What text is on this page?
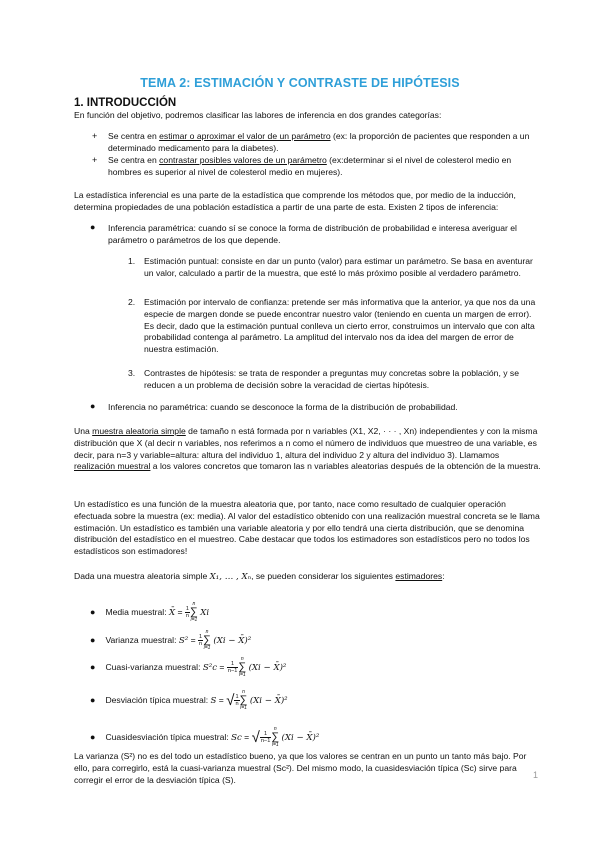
TEMA 2: ESTIMACIÓN Y CONTRASTE DE HIPÓTESIS
1. INTRODUCCIÓN
En función del objetivo, podremos clasificar las labores de inferencia en dos grandes categorías:
+ Se centra en estimar o aproximar el valor de un parámetro (ex: la proporción de pacientes que responden a un determinado medicamento para la diabetes).
+ Se centra en contrastar posibles valores de un parámetro (ex:determinar si el nivel de colesterol medio en hombres es superior al nivel de colesterol medio en mujeres).
La estadística inferencial es una parte de la estadística que comprende los métodos que, por medio de la inducción, determina propiedades de una población estadística a partir de una parte de esta. Existen 2 tipos de inferencia:
● Inferencia paramétrica: cuando sí se conoce la forma de distribución de probabilidad e interesa averiguar el parámetro o parámetros de los que depende.
1. Estimación puntual: consiste en dar un punto (valor) para estimar un parámetro. Se basa en aventurar un valor, calculado a partir de la muestra, que esté lo más próximo posible al verdadero parámetro.
2. Estimación por intervalo de confianza: pretende ser más informativa que la anterior, ya que nos da una especie de margen donde se puede encontrar nuestro valor (teniendo en cuenta un margen de error). Es decir, dado que la estimación puntual conlleva un cierto error, construimos un intervalo que con alta probabilidad contenga al parámetro. La amplitud del intervalo nos da idea del margen de error de nuestra estimación.
3. Contrastes de hipótesis: se trata de responder a preguntas muy concretas sobre la población, y se reducen a un problema de decisión sobre la veracidad de ciertas hipótesis.
● Inferencia no paramétrica: cuando se desconoce la forma de la distribución de probabilidad.
Una muestra aleatoria simple de tamaño n está formada por n variables (X1, X2, · · · , Xn) independientes y con la misma distribución que X (al decir n variables, nos referimos a n como el número de individuos que muestreo de una variable, es decir, para n=3 y variable=altura: altura del individuo 1, altura del individuo 2 y altura del individuo 3). Llamamos realización muestral a los valores concretos que tomaron las n variables aleatorias después de la obtención de la muestra.
Un estadístico es una función de la muestra aleatoria que, por tanto, nace como resultado de cualquier operación efectuada sobre la muestra (ex: media). Al valor del estadístico obtenido con una realización muestral concreta se le llama estimación. Un estadístico es también una variable aleatoria y por ello tendrá una cierta distribución, que se denomina distribución del estadístico en el muestreo. Cabe destacar que todos los estimadores son estadísticos pero no todos los estadísticos son estimadores!
Dada una muestra aleatoria simple X₁, … , Xₙ, se pueden considerar los siguientes estimadores:
● Media muestral: X̄ = $\frac{1}{n}$
n
∑
i=1
Xi
● Varianza muestral: $S^2 = \frac{1}{n}$
n
∑
i=1
(Xi − X̄)²
● Cuasi-varianza muestral: $S^2c = \frac{1}{n-1}$
n
∑
i=1
(Xi − X̄)²
● Desviación típica muestral: S = √ $\frac{1}{n}$
n
∑
i=1
(Xi − X̄)²
● Cuasidesviación típica muestral: Sc = √ $\frac{1}{n-1}$
n
∑
i=1
(Xi − X̄)²
La varianza (S²) no es del todo un estadístico bueno, ya que los valores se centran en un punto un tanto más bajo. Por ello, para corregirlo, está la cuasi-varianza muestral (Sc²). Del mismo modo, la cuasidesviación típica (Sc) sirve para corregir el error de la desviación típica (S).	1
